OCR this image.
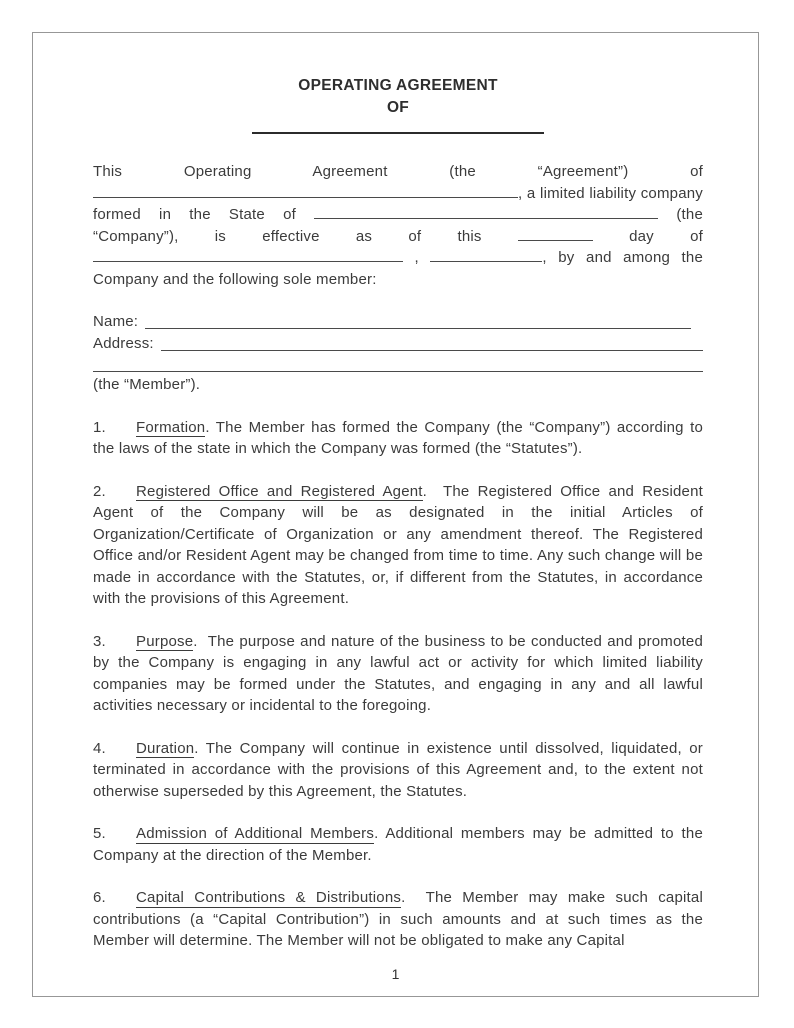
OPERATING AGREEMENT
OF

This Operating Agreement (the “Agreement”) of , a limited liability company formed in the State of	(the “Company”), is effective as of this	day of  ,	, by and among the Company and the following sole member:

Name:
Address:

(the “Member”).

1. Formation. The Member has formed the Company (the “Company”) according to the laws of the state in which the Company was formed (the “Statutes”).

2. Registered Office and Registered Agent.  The Registered Office and Resident Agent of the Company will be as designated in the initial Articles of Organization/Certificate of Organization or any amendment thereof. The Registered Office and/or Resident Agent may be changed from time to time. Any such change will be made in accordance with the Statutes, or, if different from the Statutes, in accordance with the provisions of this Agreement.

3. Purpose.  The purpose and nature of the business to be conducted and promoted by the Company is engaging in any lawful act or activity for which limited liability companies may be formed under the Statutes, and engaging in any and all lawful activities necessary or incidental to the foregoing.

4. Duration. The Company will continue in existence until dissolved, liquidated, or terminated in accordance with the provisions of this Agreement and, to the extent not otherwise superseded by this Agreement, the Statutes.

5. Admission of Additional Members. Additional members may be admitted to the Company at the direction of the Member.

6. Capital Contributions & Distributions.  The Member may make such capital contributions (a “Capital Contribution”) in such amounts and at such times as the Member will determine. The Member will not be obligated to make any Capital

1
